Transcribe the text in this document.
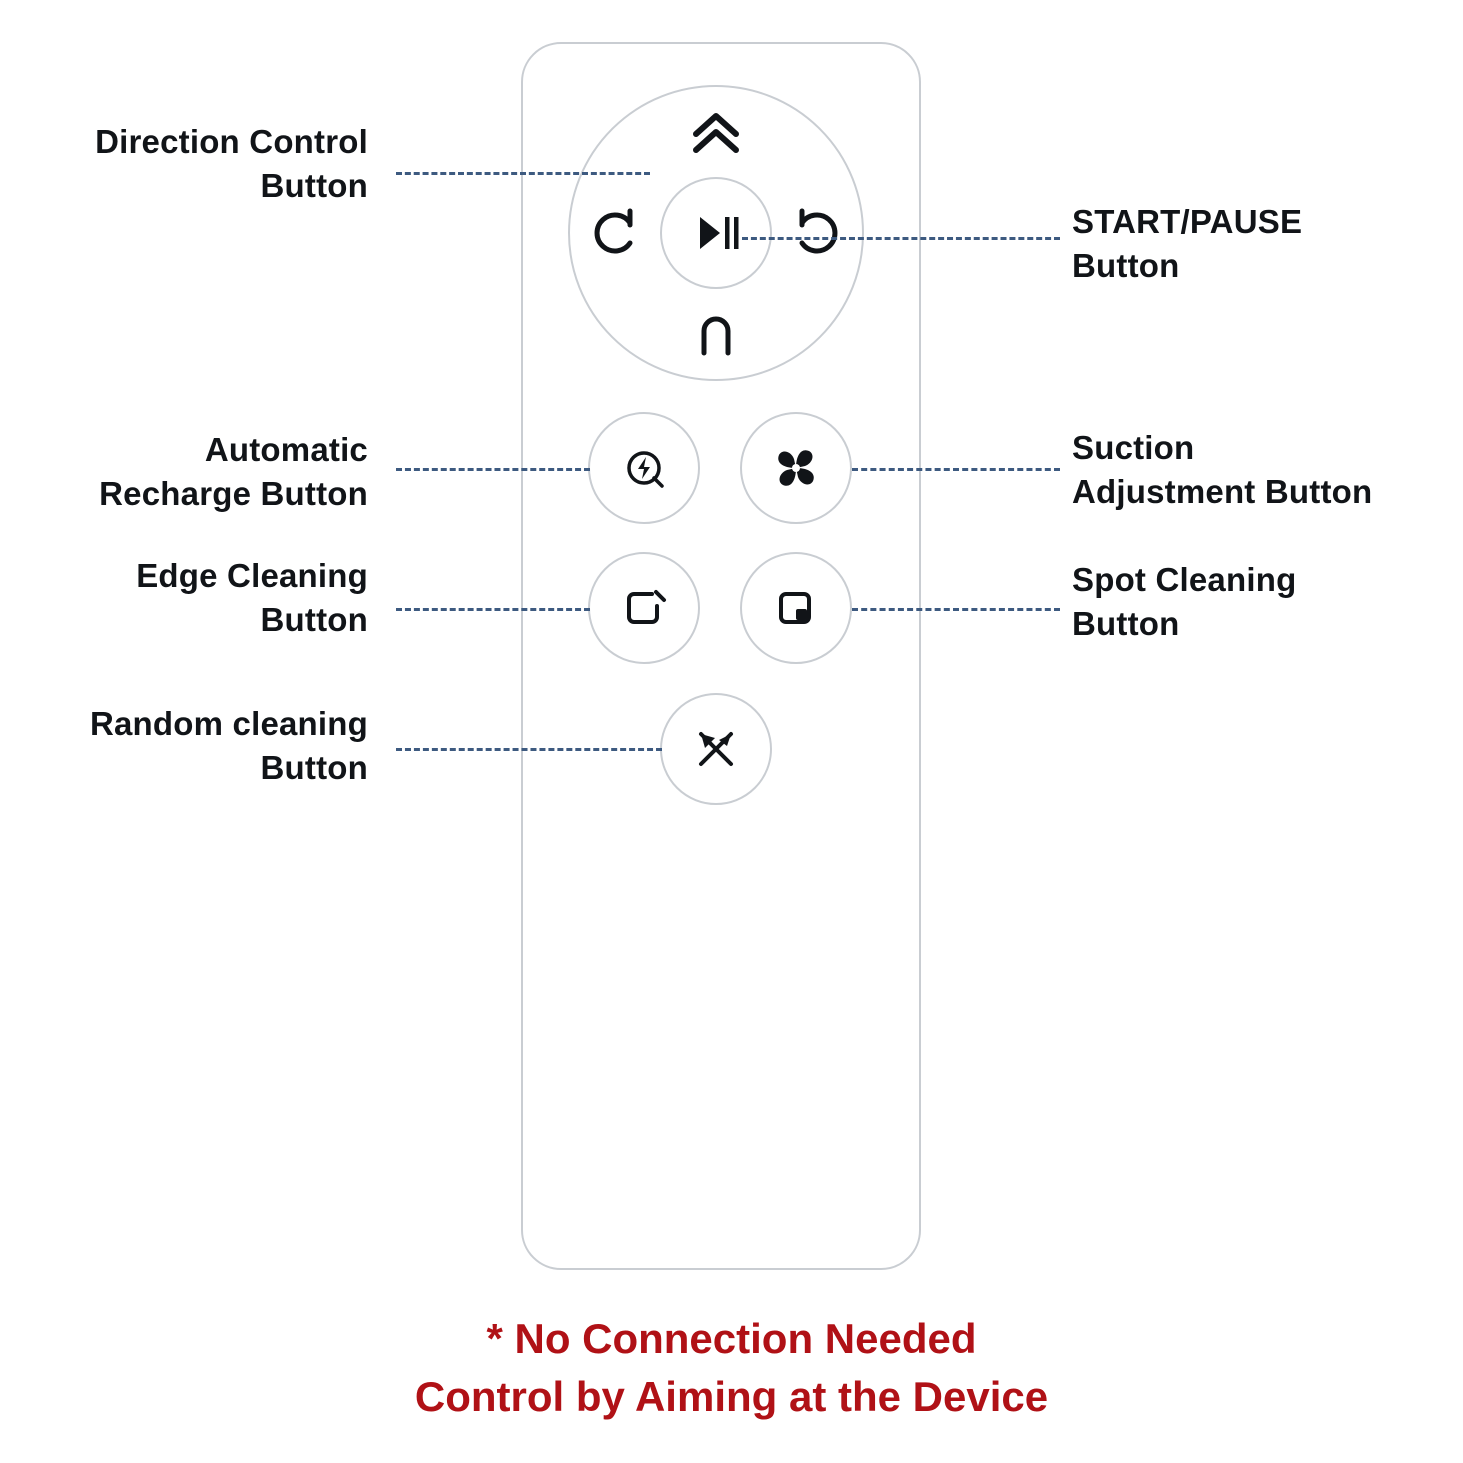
Direction Control
Button
Automatic
Recharge Button
Edge Cleaning
Button
Random cleaning
Button
START/PAUSE
Button
Suction
Adjustment Button
Spot Cleaning
Button
* No Connection Needed
Control by Aiming at the Device
